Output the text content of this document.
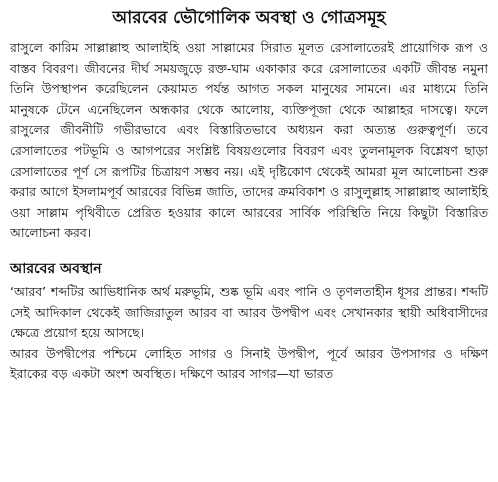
আরবের ভৌগোলিক অবস্থা ও গোত্রসমূহ

রাসুলে কারিম সাল্লাল্লাহু আলাইহি ওয়া সাল্লামের সিরাত মূলত রেসালাতেরই প্রায়োগিক রূপ ও বাস্তব বিবরণ। জীবনের দীর্ঘ সময়জুড়ে রক্ত-ঘাম একাকার করে রেসালাতের একটি জীবন্ত নমুনা তিনি উপস্থাপন করেছিলেন কেয়ামত পর্যন্ত আগত সকল মানুষের সামনে। এর মাধ্যমে তিনি মানুষকে টেনে এনেছিলেন অন্ধকার থেকে আলোয়, ব্যক্তিপূজা থেকে আল্লাহর দাসত্বে। ফলে রাসুলের জীবনীটি গভীরভাবে এবং বিস্তারিতভাবে অধ্যয়ন করা অত্যন্ত গুরুত্বপূর্ণ। তবে রেসালাতের পটভূমি ও আগপরের সংশ্লিষ্ট বিষয়গুলোর বিবরণ এবং তুলনামূলক বিশ্লেষণ ছাড়া রেসালাতের পূর্ণ সে রূপটির চিত্রায়ণ সম্ভব নয়। এই দৃষ্টিকোণ থেকেই আমরা মূল আলোচনা শুরু করার আগে ইসলামপূর্ব আরবের বিভিন্ন জাতি, তাদের ক্রমবিকাশ ও রাসুলুল্লাহ সাল্লাল্লাহু আলাইহি ওয়া সাল্লাম পৃথিবীতে প্রেরিত হওয়ার কালে আরবের সার্বিক পরিস্থিতি নিয়ে কিছুটা বিস্তারিত আলোচনা করব।

আরবের অবস্থান

‘আরব’ শব্দটির আভিধানিক অর্থ মরুভূমি, শুষ্ক ভূমি এবং পানি ও তৃণলতাহীন ধূসর প্রান্তর। শব্দটি সেই আদিকাল থেকেই জাজিরাতুল আরব বা আরব উপদ্বীপ এবং সেখানকার স্থায়ী অধিবাসীদের ক্ষেত্রে প্রয়োগ হয়ে আসছে।

আরব উপদ্বীপের পশ্চিমে লোহিত সাগর ও সিনাই উপদ্বীপ, পূর্বে আরব উপসাগর ও দক্ষিণ ইরাকের বড় একটা অংশ অবস্থিত। দক্ষিণে আরব সাগর—যা ভারত
